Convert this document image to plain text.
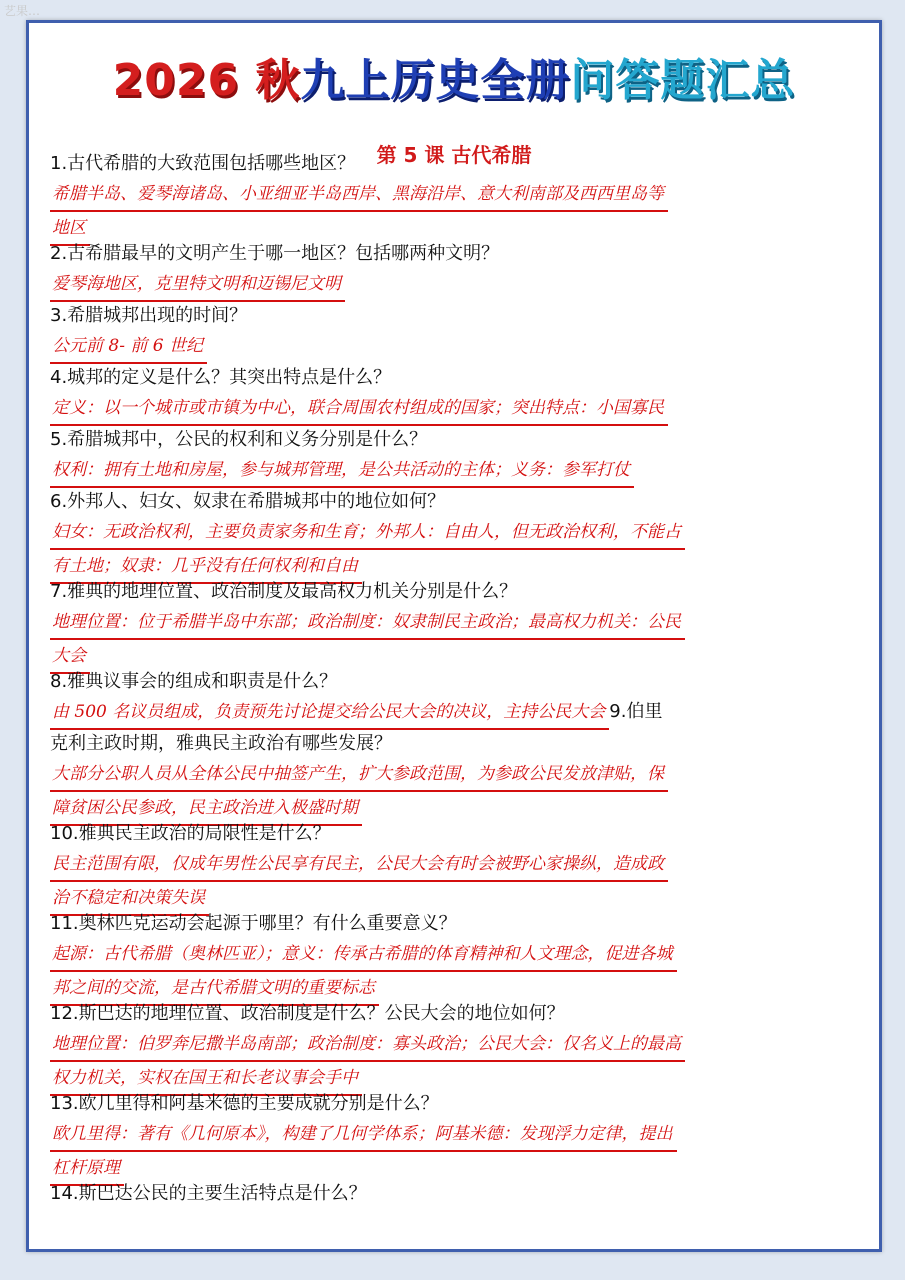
艺果…
2026 秋九上历史全册问答题汇总
第 5 课 古代希腊
1.古代希腊的大致范围包括哪些地区？
希腊半岛、爱琴海诸岛、小亚细亚半岛西岸、黑海沿岸、意大利南部及西西里岛等
地区
2.古希腊最早的文明产生于哪一地区？包括哪两种文明？
爱琴海地区，克里特文明和迈锡尼文明
3.希腊城邦出现的时间？
公元前 8- 前 6 世纪
4.城邦的定义是什么？其突出特点是什么？
定义：以一个城市或市镇为中心，联合周围农村组成的国家；突出特点：小国寡民
5.希腊城邦中，公民的权利和义务分别是什么？
权利：拥有土地和房屋，参与城邦管理，是公共活动的主体；义务：参军打仗
6.外邦人、妇女、奴隶在希腊城邦中的地位如何？
妇女：无政治权利，主要负责家务和生育；外邦人：自由人，但无政治权利，不能占
有土地；奴隶：几乎没有任何权利和自由
7.雅典的地理位置、政治制度及最高权力机关分别是什么？
地理位置：位于希腊半岛中东部；政治制度：奴隶制民主政治；最高权力机关：公民
大会
8.雅典议事会的组成和职责是什么？
由 500 名议员组成，负责预先讨论提交给公民大会的决议，主持公民大会 9.伯里
克利主政时期，雅典民主政治有哪些发展？
大部分公职人员从全体公民中抽签产生，扩大参政范围，为参政公民发放津贴，保
障贫困公民参政，民主政治进入极盛时期
10.雅典民主政治的局限性是什么？
民主范围有限，仅成年男性公民享有民主，公民大会有时会被野心家操纵，造成政
治不稳定和决策失误
11.奥林匹克运动会起源于哪里？有什么重要意义？
起源：古代希腊（奥林匹亚）；意义：传承古希腊的体育精神和人文理念，促进各城
邦之间的交流，是古代希腊文明的重要标志
12.斯巴达的地理位置、政治制度是什么？公民大会的地位如何？
地理位置：伯罗奔尼撒半岛南部；政治制度：寡头政治；公民大会：仅名义上的最高
权力机关，实权在国王和长老议事会手中
13.欧几里得和阿基米德的主要成就分别是什么？
欧几里得：著有《几何原本》，构建了几何学体系；阿基米德：发现浮力定律，提出
杠杆原理
14.斯巴达公民的主要生活特点是什么？
